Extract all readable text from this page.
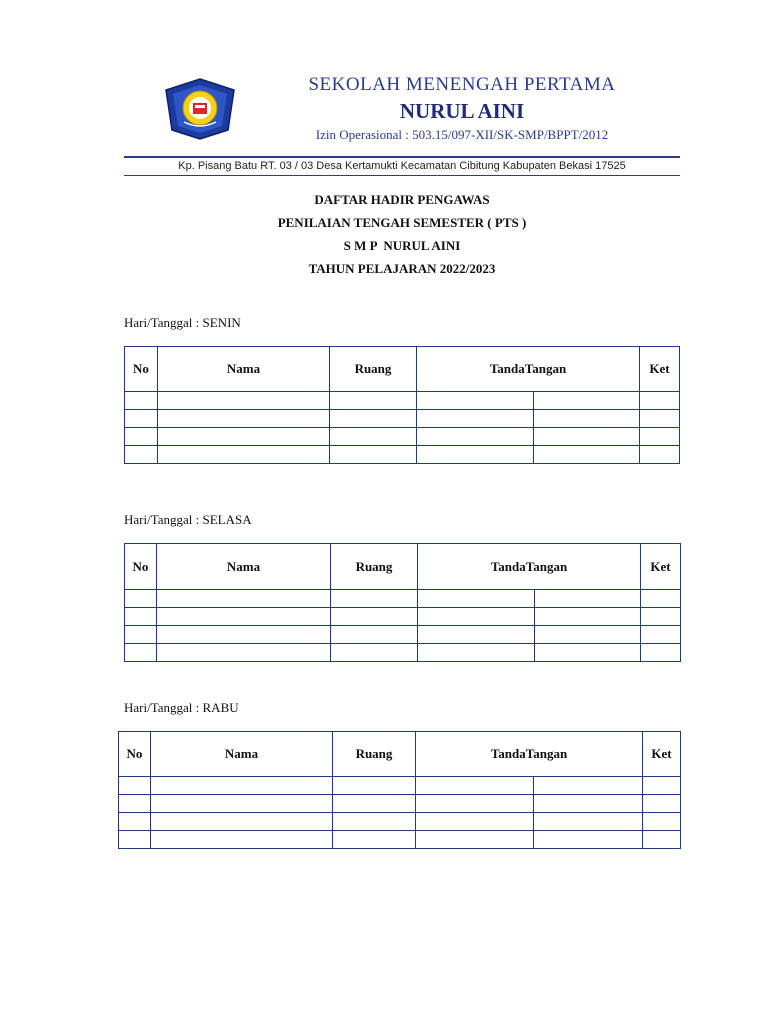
SEKOLAH MENENGAH PERTAMA
NURUL AINI
Izin Operasional : 503.15/097-XII/SK-SMP/BPPT/2012
Kp. Pisang Batu RT. 03 / 03 Desa Kertamukti Kecamatan Cibitung Kabupaten Bekasi 17525
DAFTAR HADIR PENGAWAS
PENILAIAN TENGAH SEMESTER ( PTS )
S M P  NURUL AINI
TAHUN PELAJARAN 2022/2023
Hari/Tanggal : SENIN
No	Nama	Ruang	TandaTangan		Ket

Hari/Tanggal : SELASA
No	Nama	Ruang	TandaTangan		Ket

Hari/Tanggal : RABU
No	Nama	Ruang	TandaTangan		Ket
